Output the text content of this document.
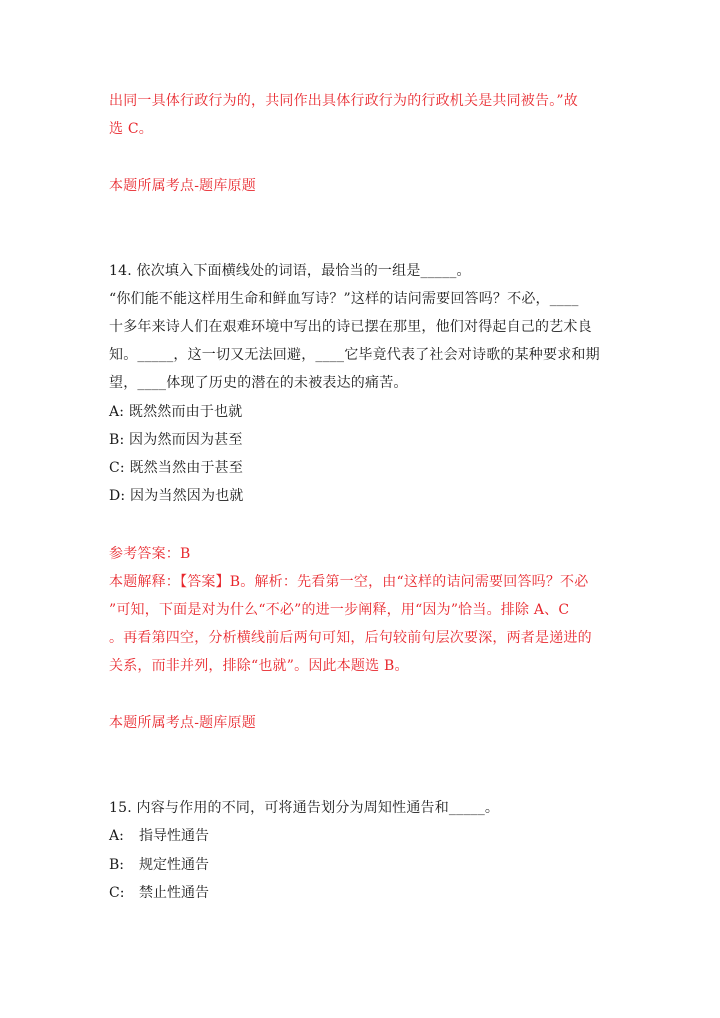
出同一具体行政行为的，共同作出具体行政行为的行政机关是共同被告。”故

选 C。

本题所属考点-题库原题

14. 依次填入下面横线处的词语，最恰当的一组是_____。

“你们能不能这样用生命和鲜血写诗？”这样的诘问需要回答吗？不必，____

十多年来诗人们在艰难环境中写出的诗已摆在那里，他们对得起自己的艺术良

知。_____，这一切又无法回避，____它毕竟代表了社会对诗歌的某种要求和期

望，____体现了历史的潜在的未被表达的痛苦。

A: 既然然而由于也就

B: 因为然而因为甚至

C: 既然当然由于甚至

D: 因为当然因为也就

参考答案：B

本题解释：【答案】B。解析：先看第一空，由“这样的诘问需要回答吗？不必

”可知，下面是对为什么“不必”的进一步阐释，用“因为”恰当。排除 A、C

。再看第四空，分析横线前后两句可知，后句较前句层次要深，两者是递进的

关系，而非并列，排除“也就”。因此本题选 B。

本题所属考点-题库原题

15. 内容与作用的不同，可将通告划分为周知性通告和_____。

A: 指导性通告
B: 规定性通告
C: 禁止性通告
